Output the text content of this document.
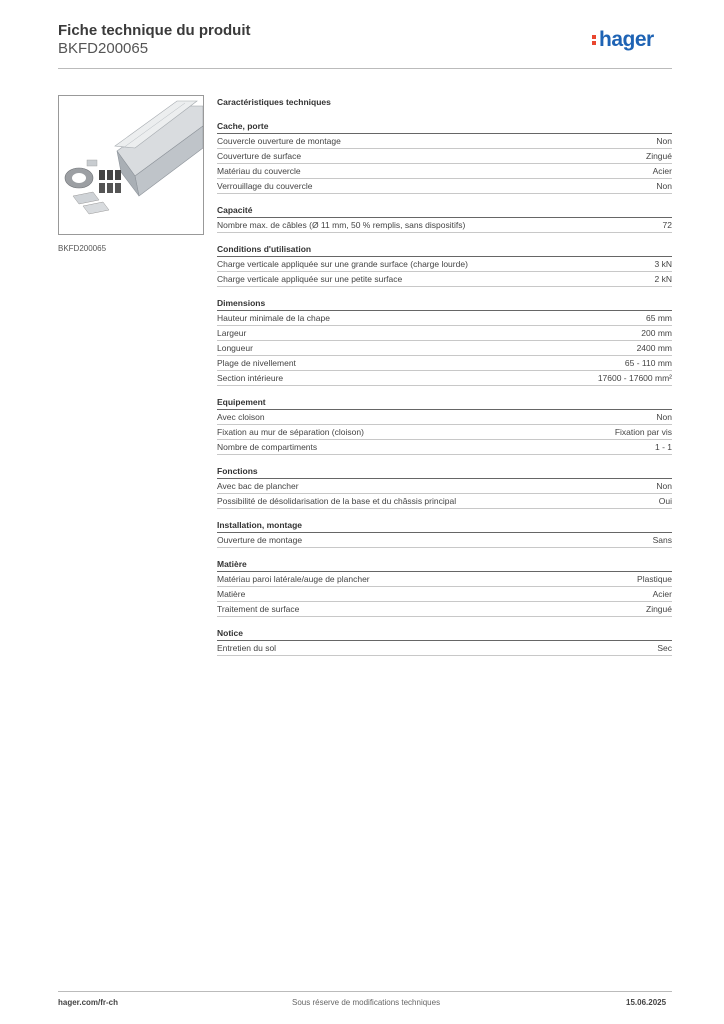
Fiche technique du produit
BKFD200065	hager
BKFD200065
Caractéristiques techniques
Cache, porte
Couvercle ouverture de montage	Non
Couverture de surface	Zingué
Matériau du couvercle	Acier
Verrouillage du couvercle	Non
Capacité
Nombre max. de câbles (Ø 11 mm, 50 % remplis, sans dispositifs)	72
Conditions d'utilisation
Charge verticale appliquée sur une grande surface (charge lourde)	3 kN
Charge verticale appliquée sur une petite surface	2 kN
Dimensions
Hauteur minimale de la chape	65 mm
Largeur	200 mm
Longueur	2400 mm
Plage de nivellement	65 - 110 mm
Section intérieure	17600 - 17600 mm²
Equipement
Avec cloison	Non
Fixation au mur de séparation (cloison)	Fixation par vis
Nombre de compartiments	1 - 1
Fonctions
Avec bac de plancher	Non
Possibilité de désolidarisation de la base et du châssis principal	Oui
Installation, montage
Ouverture de montage	Sans
Matière
Matériau paroi latérale/auge de plancher	Plastique
Matière	Acier
Traitement de surface	Zingué
Notice
Entretien du sol	Sec
hager.com/fr-ch	Sous réserve de modifications techniques	15.06.2025
